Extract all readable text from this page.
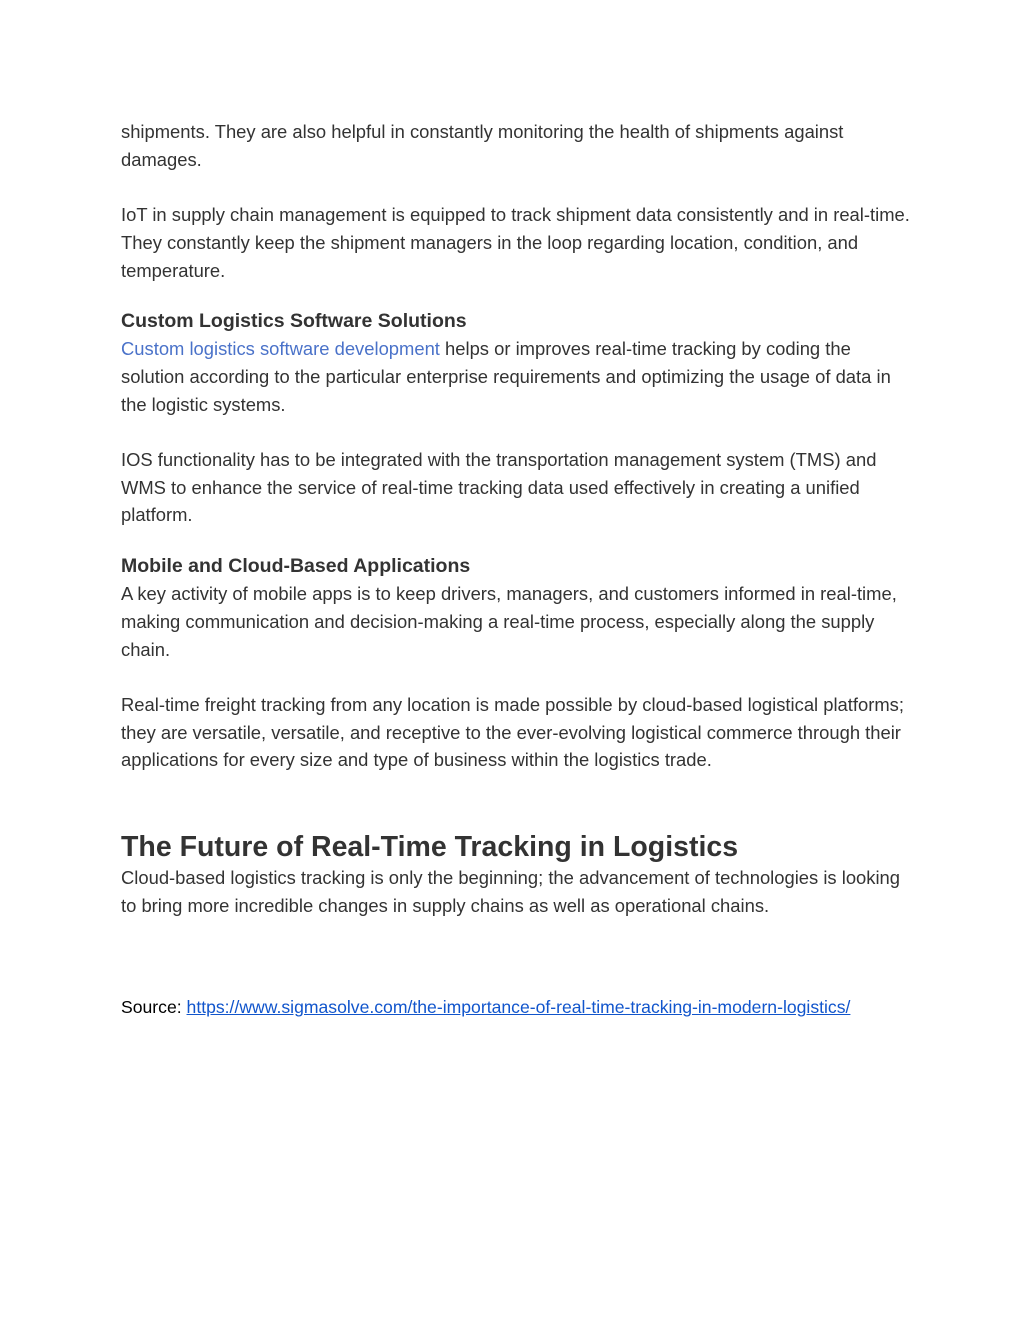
shipments. They are also helpful in constantly monitoring the health of shipments against damages.

IoT in supply chain management is equipped to track shipment data consistently and in real-time. They constantly keep the shipment managers in the loop regarding location, condition, and temperature.

Custom Logistics Software Solutions

Custom logistics software development helps or improves real-time tracking by coding the solution according to the particular enterprise requirements and optimizing the usage of data in the logistic systems.

IOS functionality has to be integrated with the transportation management system (TMS) and WMS to enhance the service of real-time tracking data used effectively in creating a unified platform.

Mobile and Cloud-Based Applications

A key activity of mobile apps is to keep drivers, managers, and customers informed in real-time, making communication and decision-making a real-time process, especially along the supply chain.

Real-time freight tracking from any location is made possible by cloud-based logistical platforms; they are versatile, versatile, and receptive to the ever-evolving logistical commerce through their applications for every size and type of business within the logistics trade.

The Future of Real-Time Tracking in Logistics

Cloud-based logistics tracking is only the beginning; the advancement of technologies is looking to bring more incredible changes in supply chains as well as operational chains.

Source: https://www.sigmasolve.com/the-importance-of-real-time-tracking-in-modern-logistics/
